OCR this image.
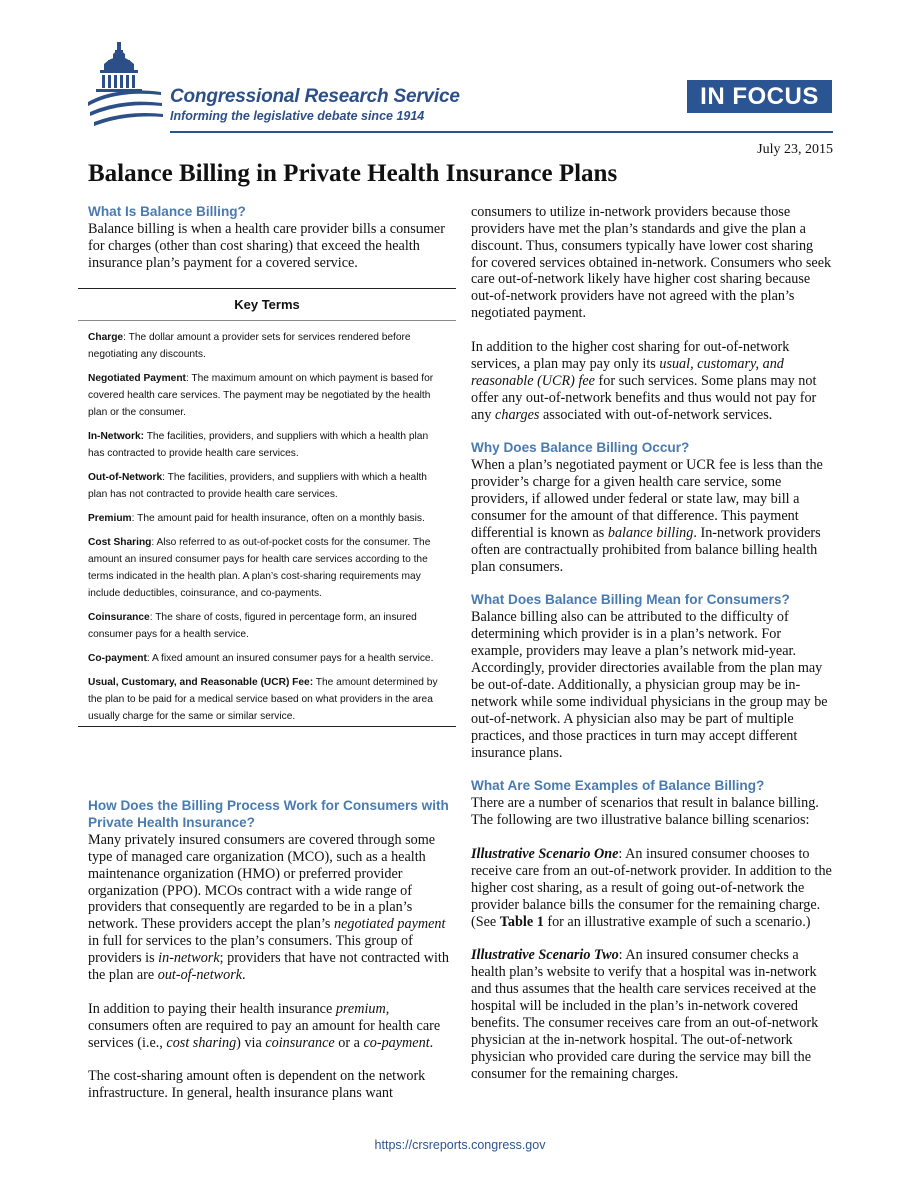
Congressional Research Service
Informing the legislative debate since 1914
IN FOCUS
July 23, 2015
Balance Billing in Private Health Insurance Plans
What Is Balance Billing?

Balance billing is when a health care provider bills a consumer for charges (other than cost sharing) that exceed the health insurance plan’s payment for a covered service.

Key Terms

Charge: The dollar amount a provider sets for services rendered before negotiating any discounts.

Negotiated Payment: The maximum amount on which payment is based for covered health care services. The payment may be negotiated by the health plan or the consumer.

In-Network: The facilities, providers, and suppliers with which a health plan has contracted to provide health care services.

Out-of-Network: The facilities, providers, and suppliers with which a health plan has not contracted to provide health care services.

Premium: The amount paid for health insurance, often on a monthly basis.

Cost Sharing: Also referred to as out-of-pocket costs for the consumer. The amount an insured consumer pays for health care services according to the terms indicated in the health plan. A plan’s cost-sharing requirements may include deductibles, coinsurance, and co-payments.

Coinsurance: The share of costs, figured in percentage form, an insured consumer pays for a health service.

Co-payment: A fixed amount an insured consumer pays for a health service.

Usual, Customary, and Reasonable (UCR) Fee: The amount determined by the plan to be paid for a medical service based on what providers in the area usually charge for the same or similar service.

How Does the Billing Process Work for Consumers with Private Health Insurance?

Many privately insured consumers are covered through some type of managed care organization (MCO), such as a health maintenance organization (HMO) or preferred provider organization (PPO). MCOs contract with a wide range of providers that consequently are regarded to be in a plan’s network. These providers accept the plan’s negotiated payment in full for services to the plan’s consumers. This group of providers is in-network; providers that have not contracted with the plan are out-of-network.

In addition to paying their health insurance premium, consumers often are required to pay an amount for health care services (i.e., cost sharing) via coinsurance or a co-payment.

The cost-sharing amount often is dependent on the network infrastructure. In general, health insurance plans want

consumers to utilize in-network providers because those providers have met the plan’s standards and give the plan a discount. Thus, consumers typically have lower cost sharing for covered services obtained in-network. Consumers who seek care out-of-network likely have higher cost sharing because out-of-network providers have not agreed with the plan’s negotiated payment.

In addition to the higher cost sharing for out-of-network services, a plan may pay only its usual, customary, and reasonable (UCR) fee for such services. Some plans may not offer any out-of-network benefits and thus would not pay for any charges associated with out-of-network services.

Why Does Balance Billing Occur?

When a plan’s negotiated payment or UCR fee is less than the provider’s charge for a given health care service, some providers, if allowed under federal or state law, may bill a consumer for the amount of that difference. This payment differential is known as balance billing. In-network providers often are contractually prohibited from balance billing health plan consumers.

What Does Balance Billing Mean for Consumers?

Balance billing also can be attributed to the difficulty of determining which provider is in a plan’s network. For example, providers may leave a plan’s network mid-year. Accordingly, provider directories available from the plan may be out-of-date. Additionally, a physician group may be in-network while some individual physicians in the group may be out-of-network. A physician also may be part of multiple practices, and those practices in turn may accept different insurance plans.

What Are Some Examples of Balance Billing?

There are a number of scenarios that result in balance billing. The following are two illustrative balance billing scenarios:

Illustrative Scenario One: An insured consumer chooses to receive care from an out-of-network provider. In addition to the higher cost sharing, as a result of going out-of-network the provider balance bills the consumer for the remaining charge. (See Table 1 for an illustrative example of such a scenario.)

Illustrative Scenario Two: An insured consumer checks a health plan’s website to verify that a hospital was in-network and thus assumes that the health care services received at the hospital will be included in the plan’s in-network covered benefits. The consumer receives care from an out-of-network physician at the in-network hospital. The out-of-network physician who provided care during the service may bill the consumer for the remaining charges.

https://crsreports.congress.gov
